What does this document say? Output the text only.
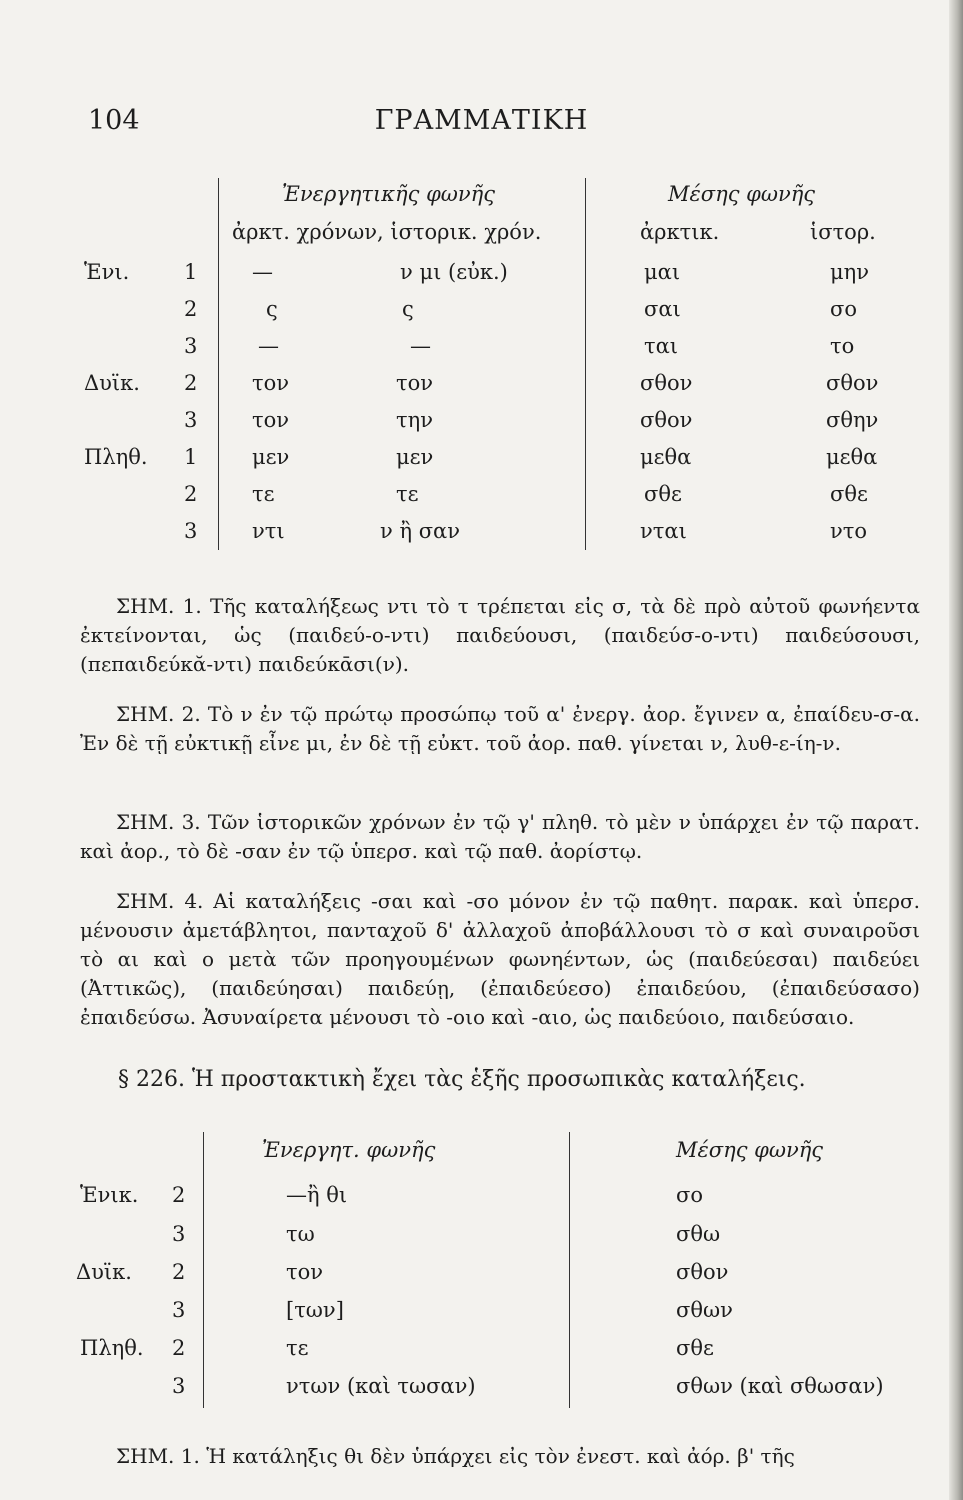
104	ΓΡΑΜΜΑΤΙΚΗ
Ἐνεργητικῆς φωνῆς	Μέσης φωνῆς
ἀρκτ. χρόνων, ἱστορικ. χρόν.	ἀρκτικ.	ἱστορ.
Ἑνι.	1	—	ν μι (εὐκ.)	μαι	μην
2	ς	ς	σαι	σο
3	—	—	ται	το
Δυϊκ. 2	τον	τον	σθον	σθον
3	τον	την	σθον	σθην
Πληθ. 1	μεν	μεν	μεθα	μεθα
2	τε	τε	σθε	σθε
3	ντι	ν ἢ σαν	νται	ντο
ΣΗΜ. 1. Τῆς καταλήξεως ντι τὸ τ τρέπεται εἰς σ, τὰ δὲ πρὸ αὐτοῦ φωνήεντα ἐκτείνονται, ὡς (παιδεύ-ο-ντι) παιδεύουσι, (παιδεύσ-ο-ντι) παιδεύσουσι, (πεπαιδεύκᾰ-ντι) παιδεύκᾱσι(ν).
ΣΗΜ. 2. Τὸ ν ἐν τῷ πρώτῳ προσώπῳ τοῦ α' ἐνεργ. ἀορ. ἔγινεν α, ἐπαίδευ-σ-α. Ἐν δὲ τῇ εὐκτικῇ εἶνε μι, ἐν δὲ τῇ εὐκτ. τοῦ ἀορ. παθ. γίνεται ν, λυθ-ε-ίη-ν.
ΣΗΜ. 3. Τῶν ἱστορικῶν χρόνων ἐν τῷ γ' πληθ. τὸ μὲν ν ὑπάρχει ἐν τῷ παρατ. καὶ ἀορ., τὸ δὲ -σαν ἐν τῷ ὑπερσ. καὶ τῷ παθ. ἀορίστῳ.
ΣΗΜ. 4. Αἱ καταλήξεις -σαι καὶ -σο μόνον ἐν τῷ παθητ. παρακ. καὶ ὑπερσ. μένουσιν ἀμετάβλητοι, πανταχοῦ δ' ἀλλαχοῦ ἀποβάλλουσι τὸ σ καὶ συναιροῦσι τὸ αι καὶ ο μετὰ τῶν προηγουμένων φωνηέντων, ὡς (παιδεύεσαι) παιδεύει (Ἀττικῶς), (παιδεύησαι) παιδεύῃ, (ἐπαιδεύεσο) ἐπαιδεύου, (ἐπαιδεύσασο) ἐπαιδεύσω. Ἀσυναίρετα μένουσι τὸ -οιο καὶ -αιο, ὡς παιδεύοιο, παιδεύσαιο.
§ 226. Ἡ προστακτικὴ ἔχει τὰς ἑξῆς προσωπικὰς καταλήξεις.
Ἐνεργητ. φωνῆς	Μέσης φωνῆς
Ἑνικ. 2	—ἢ θι	σο
3	τω	σθω
Δυϊκ. 2	τον	σθον
3	[των]	σθων
Πληθ. 2	τε	σθε
3	ντων (καὶ τωσαν)	σθων (καὶ σθωσαν)
ΣΗΜ. 1. Ἡ κατάληξις θι δὲν ὑπάρχει εἰς τὸν ἐνεστ. καὶ ἀόρ. β' τῆς
